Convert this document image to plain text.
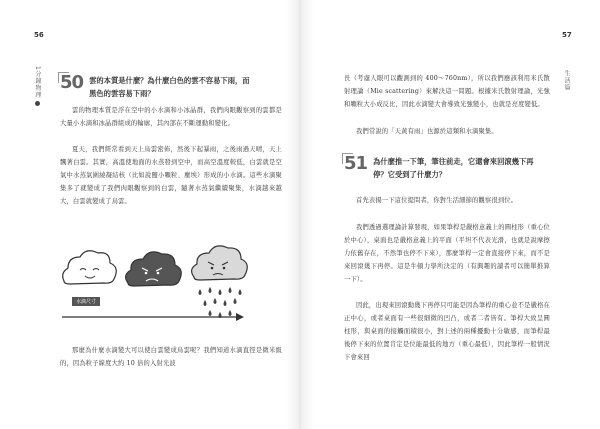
56
1分鐘物理 50 雲的本質是什麼？為什麼白色的雲不容易下雨，而
黑色的雲容易下雨？
雲的物理本質是浮在空中的小水滴和小冰晶群，我們肉眼觀察到的雲都是大量小水滴和冰晶群組成的輪廓，其內部在不斷運動和變化。
夏天，我們經常看到天上烏雲密佈，然後下起暴雨，之後雨過天晴，天上飄著白雲。其實，高溫使地面的水蒸發到空中，而高空溫度較低，白雲就是空氣中水蒸氣圍繞凝結核（比如說鹽小顆粒、塵埃）形成的小水滴。這些水滴聚集多了就變成了我們肉眼觀察到的白雲，隨著水蒸氣繼續聚集，水滴越來越大，白雲就變成了烏雲。
水滴尺寸
那麼為什麼水滴變大可以使白雲變成烏雲呢？我們知道水滴直徑是微米級的，因為粒子線度大約 10 倍的入射光波
57
生活篇
長（考慮人眼可以觀測到的 400～760nm），所以我們應該利用米氏散射理論（Mie scattering）來解決這一問題。根據米氏散射理論，光強和顆粒大小成反比，因此水滴變大會導致光強變小，也就是亮度變低。
我們常說的「天黃有雨」也源於這類和水滴聚集。
51 為什麼推一下筆，筆往前走，它還會來回滾幾下再
停？它受到了什麼力？
首先表揚一下這位提問者，你對生活細節的觀察很到位。
我們透過選理論計算發現，如果筆桿是嚴格意義上的圓柱形（重心位於中心），桌面也是嚴格意義上的平面（平坦不代表光滑，也就是說摩擦力依舊存在，不然筆也停不下來），那麼筆桿一定會直接停下來，而不是來回滾幾下再停。這是牛頓力學所決定的（有興趣的讀者可以簡單推算一下）。
因此，出現來回滾動幾下再停只可能是因為筆桿的重心並不是嚴格在正中心，或者桌面有一些很細微的凹凸，或者二者皆有。筆桿大致呈圓柱形，與桌面的接觸面積很小，對上述的兩種擾動十分敏感，而筆桿最後停下來的位置肯定是位能最低的地方（重心最低），因此筆桿一般情況下會來回
